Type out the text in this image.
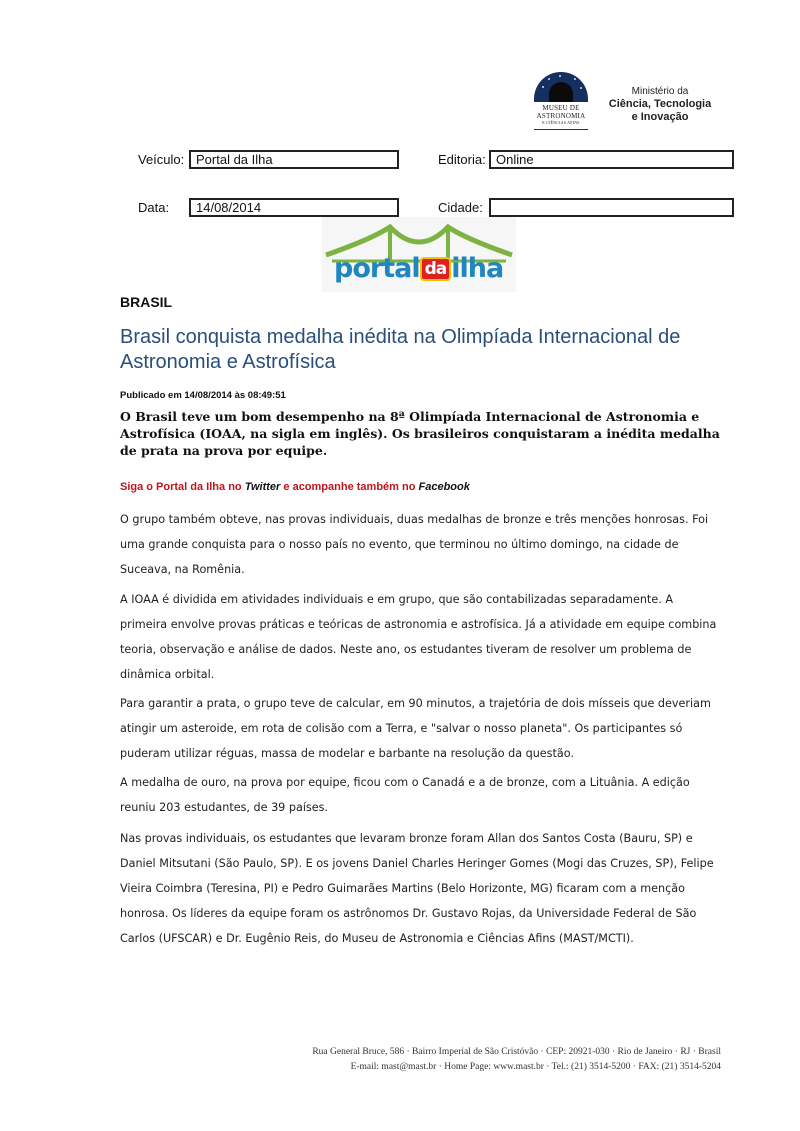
MUSEU DE
ASTRONOMIA
E CIÊNCIAS AFINS
Ministério da
Ciência, Tecnologia
e Inovação
Veículo: Portal da Ilha	Editoria: Online
Data:	14/08/2014	Cidade:
portal da ilha
BRASIL
Brasil conquista medalha inédita na Olimpíada Internacional de Astronomia e Astrofísica
Publicado em 14/08/2014 às 08:49:51
O Brasil teve um bom desempenho na 8ª Olimpíada Internacional de Astronomia e Astrofísica (IOAA, na sigla em inglês). Os brasileiros conquistaram a inédita medalha de prata na prova por equipe.
Siga o Portal da Ilha no Twitter e acompanhe também no Facebook
O grupo também obteve, nas provas individuais, duas medalhas de bronze e três menções honrosas. Foi uma grande conquista para o nosso país no evento, que terminou no último domingo, na cidade de Suceava, na Romênia.
A IOAA é dividida em atividades individuais e em grupo, que são contabilizadas separadamente. A primeira envolve provas práticas e teóricas de astronomia e astrofísica. Já a atividade em equipe combina teoria, observação e análise de dados. Neste ano, os estudantes tiveram de resolver um problema de dinâmica orbital.
Para garantir a prata, o grupo teve de calcular, em 90 minutos, a trajetória de dois mísseis que deveriam atingir um asteroide, em rota de colisão com a Terra, e "salvar o nosso planeta". Os participantes só puderam utilizar réguas, massa de modelar e barbante na resolução da questão.
A medalha de ouro, na prova por equipe, ficou com o Canadá e a de bronze, com a Lituânia. A edição reuniu 203 estudantes, de 39 países.
Nas provas individuais, os estudantes que levaram bronze foram Allan dos Santos Costa (Bauru, SP) e Daniel Mitsutani (São Paulo, SP). E os jovens Daniel Charles Heringer Gomes (Mogi das Cruzes, SP), Felipe Vieira Coimbra (Teresina, PI) e Pedro Guimarães Martins (Belo Horizonte, MG) ficaram com a menção honrosa. Os líderes da equipe foram os astrônomos Dr. Gustavo Rojas, da Universidade Federal de São Carlos (UFSCAR) e Dr. Eugênio Reis, do Museu de Astronomia e Ciências Afins (MAST/MCTI).
Rua General Bruce, 586 · Bairro Imperial de São Cristóvão · CEP: 20921-030 · Rio de Janeiro · RJ · Brasil
E-mail: mast@mast.br · Home Page: www.mast.br · Tel.: (21) 3514-5200 · FAX: (21) 3514-5204
